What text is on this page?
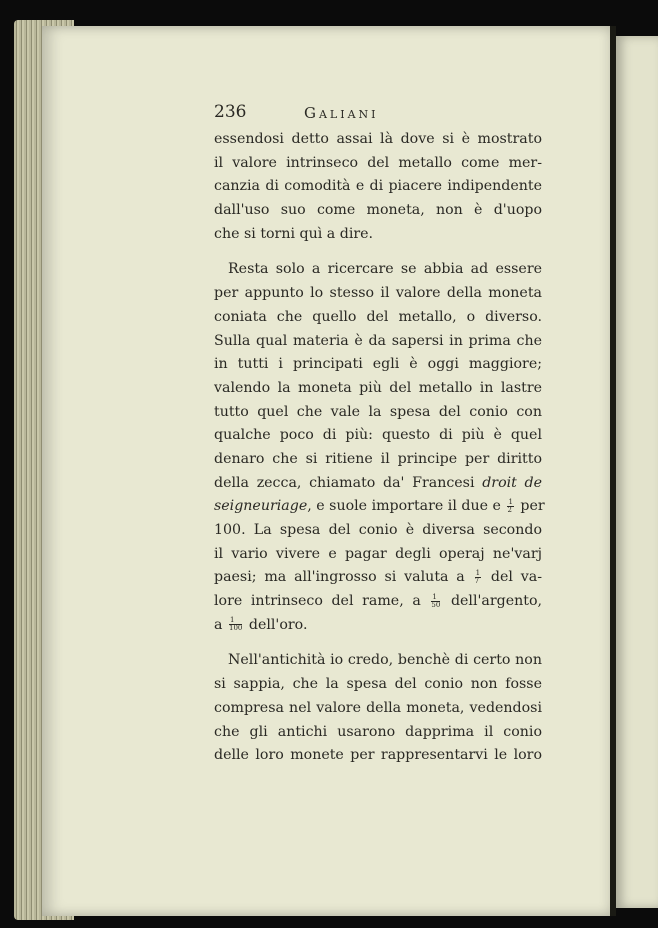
236	Galiani
essendosi detto assai là dove si è mostrato
il valore intrinseco del metallo come mer-
canzia di comodità e di piacere indipendente
dall'uso suo come moneta, non è d'uopo
che si torni quì a dire.
Resta solo a ricercare se abbia ad essere
per appunto lo stesso il valore della moneta
coniata che quello del metallo, o diverso.
Sulla qual materia è da sapersi in prima che
in tutti i principati egli è oggi maggiore;
valendo la moneta più del metallo in lastre
tutto quel che vale la spesa del conio con
qualche poco di più: questo di più è quel
denaro che si ritiene il principe per diritto
della zecca, chiamato da' Francesi droit de
seigneuriage, e suole importare il due e $\frac{1}{2}$ per
100. La spesa del conio è diversa secondo
il vario vivere e pagar degli operaj ne'varj
paesi; ma all'ingrosso si valuta a $\frac{1}{7}$ del va-
lore intrinseco del rame, a $\frac{1}{50}$ dell'argento,
a $\frac{1}{100}$ dell'oro.
Nell'antichità io credo, benchè di certo non
si sappia, che la spesa del conio non fosse
compresa nel valore della moneta, vedendosi
che gli antichi usarono dapprima il conio
delle loro monete per rappresentarvi le loro
